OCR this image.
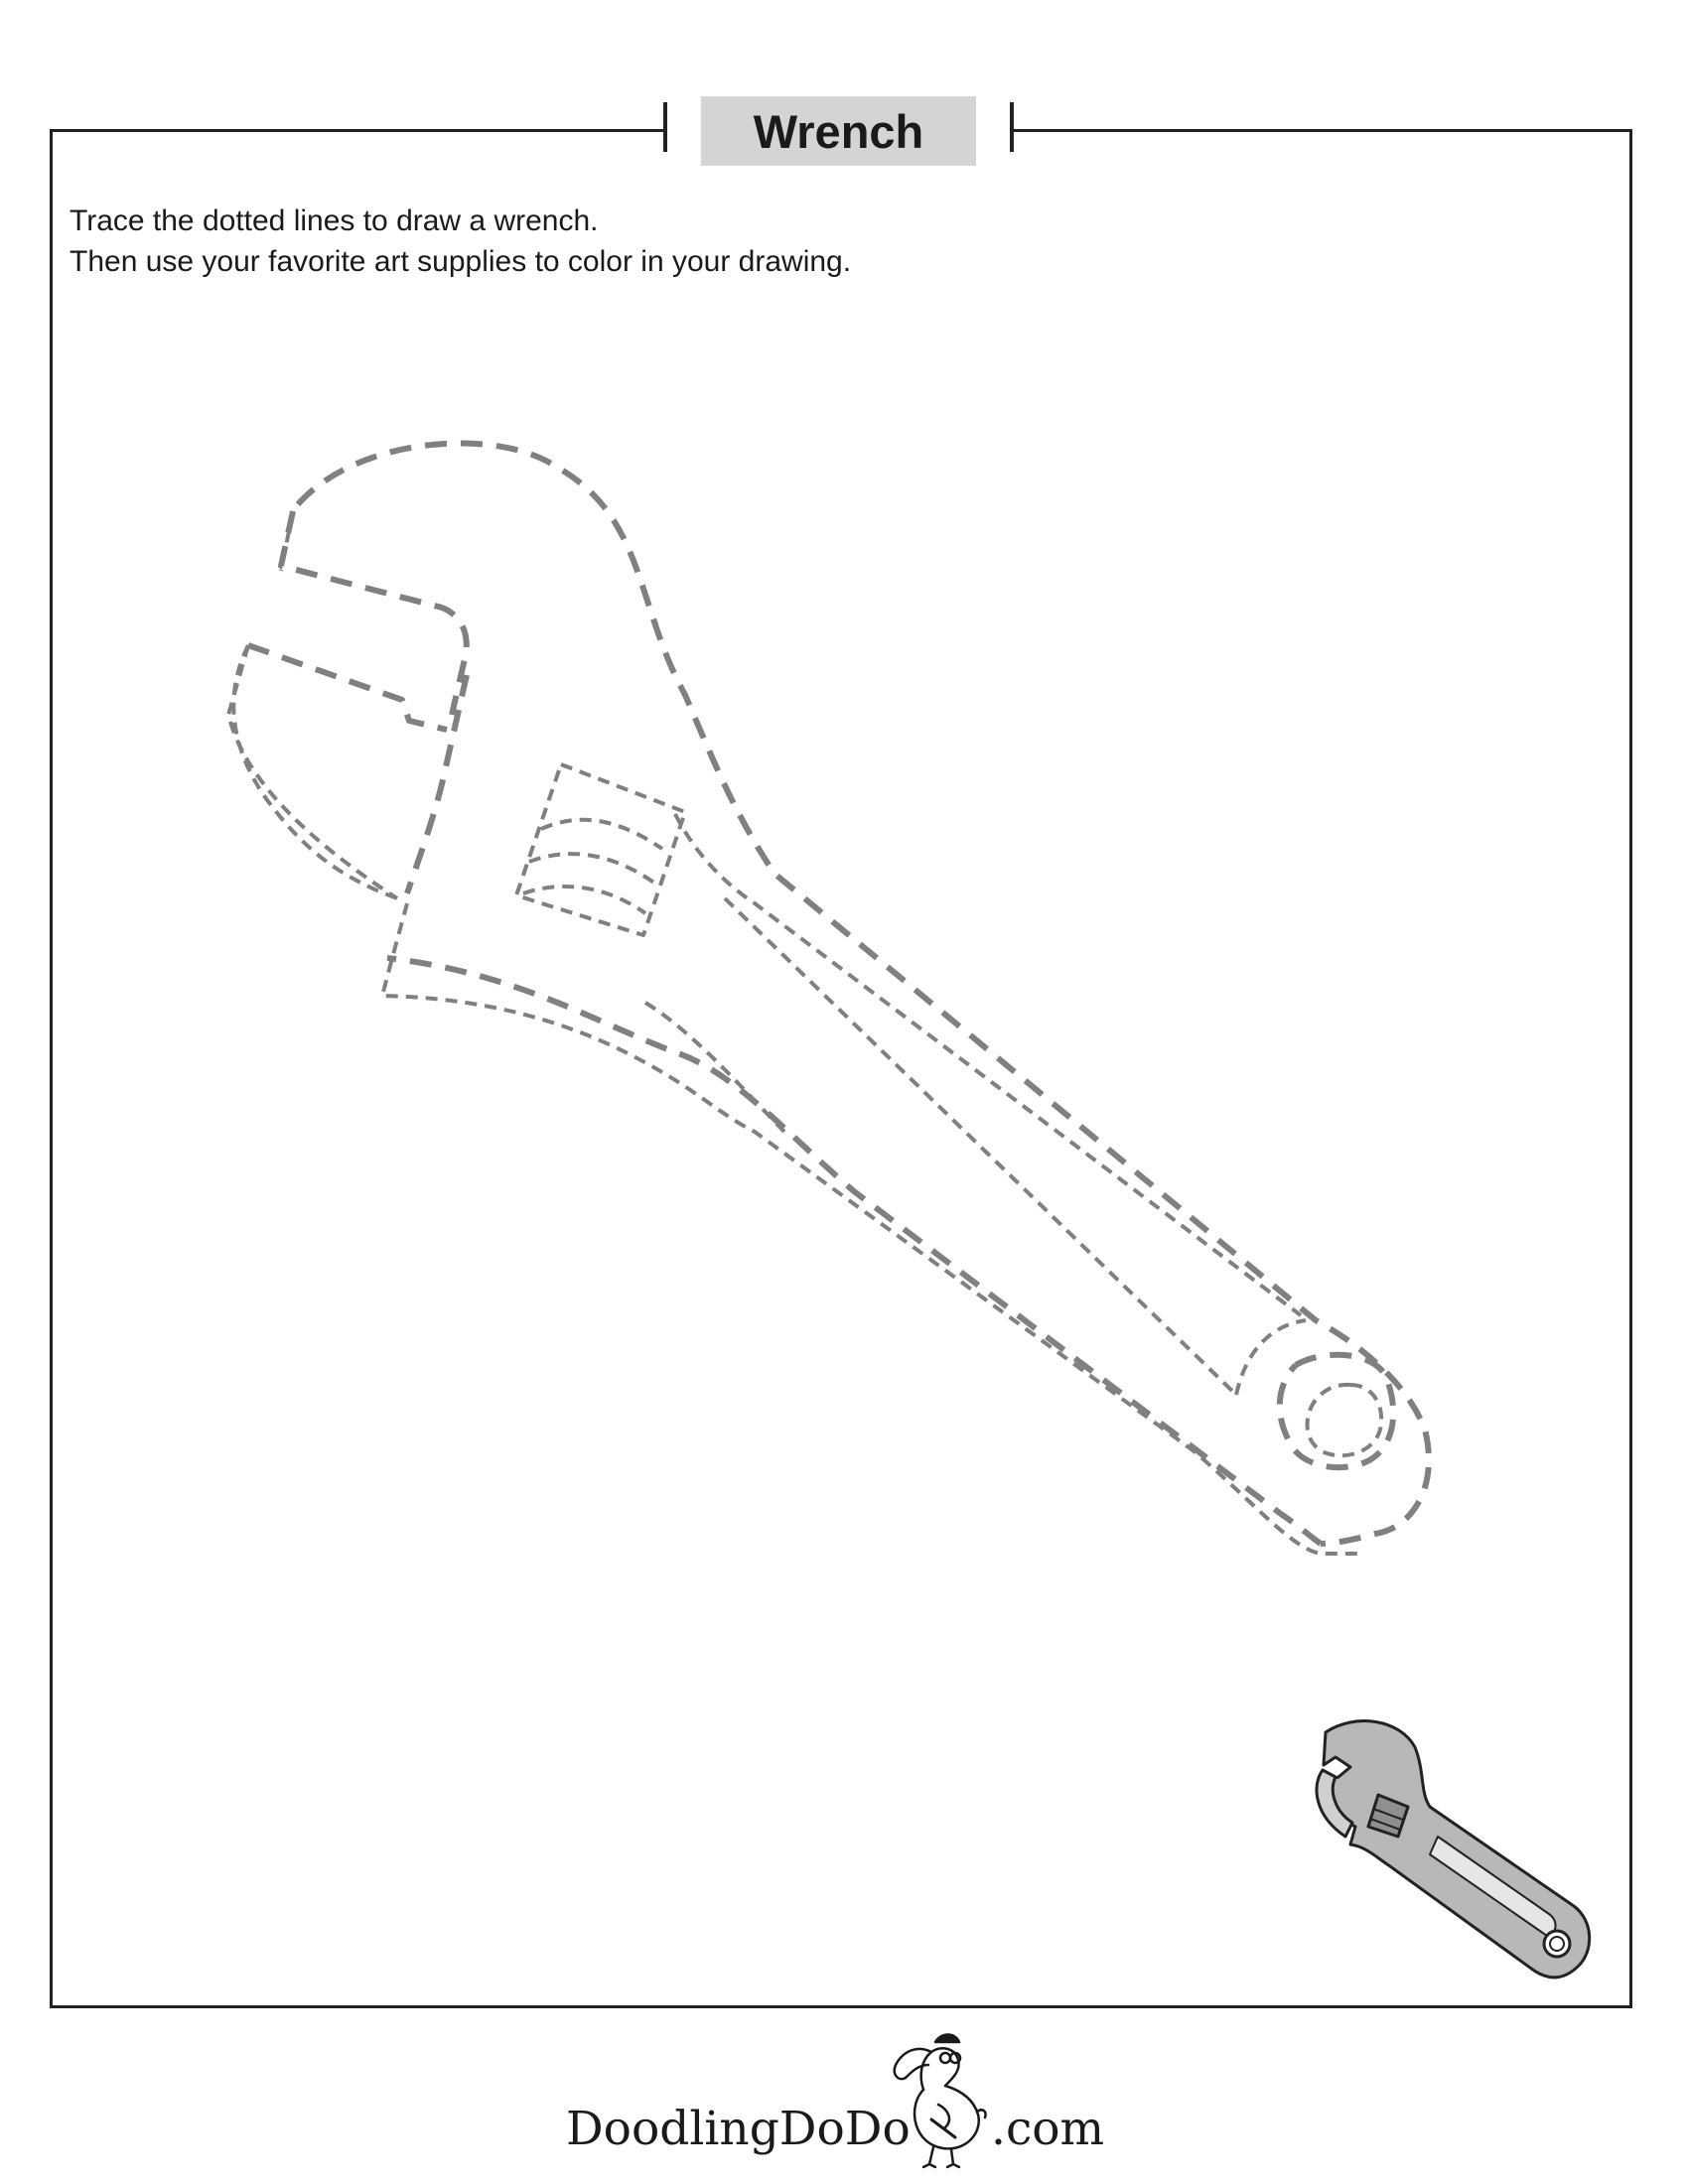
Wrench
Trace the dotted lines to draw a wrench.
Then use your favorite art supplies to color in your drawing.
DoodlingDoDo .com
